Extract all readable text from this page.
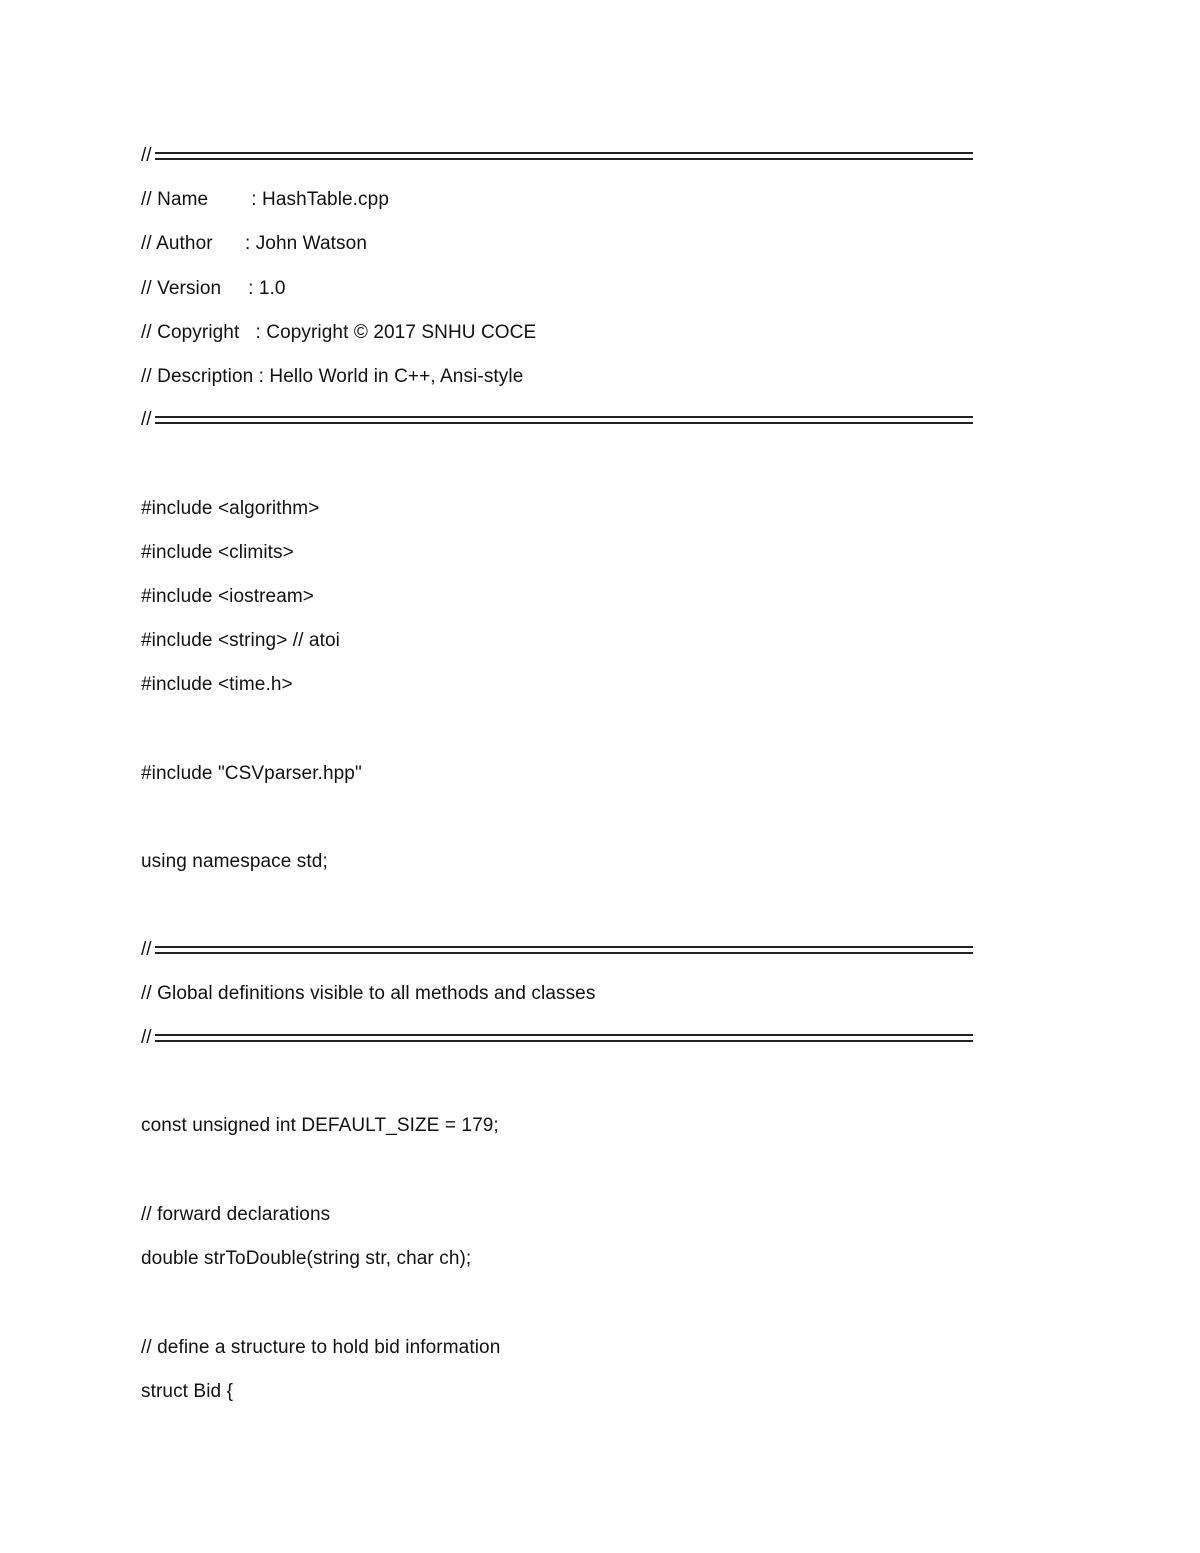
//
// Name        : HashTable.cpp
// Author      : John Watson
// Version     : 1.0
// Copyright   : Copyright © 2017 SNHU COCE
// Description : Hello World in C++, Ansi-style
//
#include <algorithm>
#include <climits>
#include <iostream>
#include <string> // atoi
#include <time.h>
#include "CSVparser.hpp"
using namespace std;
//
// Global definitions visible to all methods and classes
//
const unsigned int DEFAULT_SIZE = 179;
// forward declarations
double strToDouble(string str, char ch);
// define a structure to hold bid information
struct Bid {
